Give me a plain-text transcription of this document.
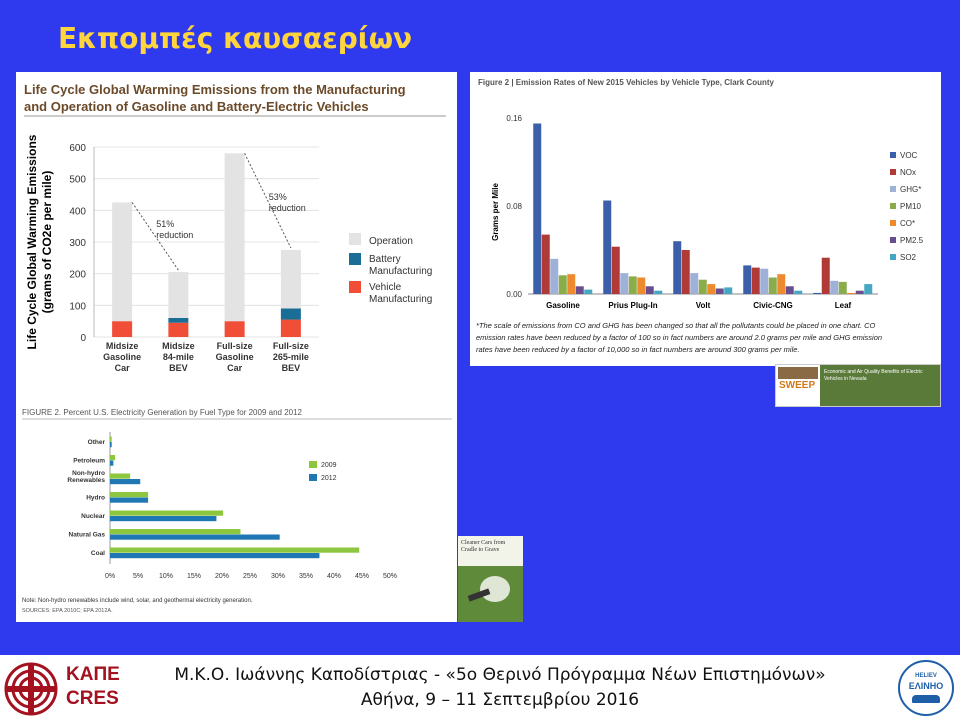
Εκπομπές καυσαερίων
Life Cycle Global Warming Emissions from the Manufacturing
and Operation of Gasoline and Battery-Electric Vehicles
Life Cycle Global Warming Emissions (grams of CO2e per mile)
0
100
200
300
400
500
600
Midsize
Gasoline
Car
Midsize
84-mile
BEV
Full-size
Gasoline
Car
Full-size
265-mile
BEV
51%
reduction
53%
reduction
Operation
Battery
Manufacturing
Vehicle
Manufacturing
Figure 2 | Emission Rates of New 2015 Vehicles by Vehicle Type, Clark County
0.00
0.08
0.16
Grams per Mile
Gasoline	Prius Plug-In	Volt	Civic-CNG	Leaf
VOC
NOx
GHG*
PM10
CO*
PM2.5
SO2
*The scale of emissions from CO and GHG has been changed so that all the pollutants could be placed in one chart. CO
emission rates have been reduced by a factor of 100 so in fact numbers are around 2.0 grams per mile and GHG emission
rates have been reduced by a factor of 10,000 so in fact numbers are around 300 grams per mile.
SWEEP
Economic and Air Quality Benefits of Electric Vehicles in Nevada
FIGURE 2. Percent U.S. Electricity Generation by Fuel Type for 2009 and 2012
0%	5% 10% 15% 20% 25% 30% 35% 40% 45% 50%
Other
Petroleum
Non-hydro
Renewables
Hydro
Nuclear
Natural Gas
Coal
2009
2012
Note: Non-hydro renewables include wind, solar, and geothermal electricity generation.
SOURCES: EPA 2010C; EPA 2012A.
Cleaner Cars from Cradle to Grave
ΚΑΠΕ
CRES
Μ.Κ.Ο. Ιωάννης Καποδίστριας - «5ο Θερινό Πρόγραμμα Νέων Επιστημόνων»
Αθήνα, 9 – 11 Σεπτεμβρίου 2016
HELIEV
ΕΛΙΝΗΟ
